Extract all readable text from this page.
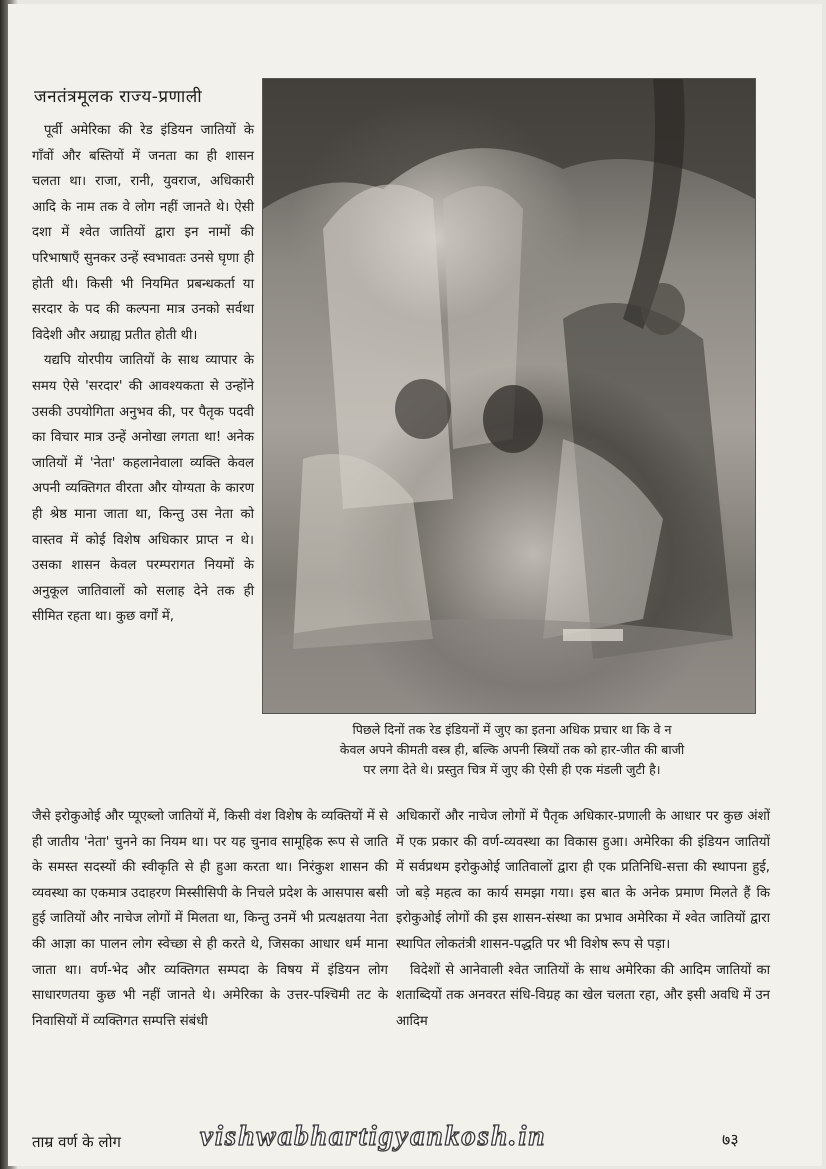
जनतंत्रमूलक राज्य-प्रणाली

पूर्वी अमेरिका की रेड इंडियन जातियों के गाँवों और बस्तियों में जनता का ही शासन चलता था। राजा, रानी, युवराज, अधिकारी आदि के नाम तक वे लोग नहीं जानते थे। ऐसी दशा में श्वेत जातियों द्वारा इन नामों की परिभाषाएँ सुनकर उन्हें स्वभावतः उनसे घृणा ही होती थी। किसी भी नियमित प्रबन्धकर्ता या सरदार के पद की कल्पना मात्र उनको सर्वथा विदेशी और अग्राह्य प्रतीत होती थी।

यद्यपि योरपीय जातियों के साथ व्यापार के समय ऐसे 'सरदार' की आवश्यकता से उन्होंने उसकी उपयोगिता अनुभव की, पर पैतृक पदवी का विचार मात्र उन्हें अनोखा लगता था! अनेक जातियों में 'नेता' कहलानेवाला व्यक्ति केवल अपनी व्यक्तिगत वीरता और योग्यता के कारण ही श्रेष्ठ माना जाता था, किन्तु उस नेता को वास्तव में कोई विशेष अधिकार प्राप्त न थे। उसका शासन केवल परम्परागत नियमों के अनुकूल जातिवालों को सलाह देने तक ही सीमित रहता था। कुछ वर्गों में,

पिछले दिनों तक रेड इंडियनों में जुए का इतना अधिक प्रचार था कि वे न
केवल अपने कीमती वस्त्र ही, बल्कि अपनी स्त्रियों तक को हार-जीत की बाजी
पर लगा देते थे। प्रस्तुत चित्र में जुए की ऐसी ही एक मंडली जुटी है।

जैसे इरोकुओई और प्यूएब्लो जातियों में, किसी वंश विशेष के व्यक्तियों में से ही जातीय 'नेता' चुनने का नियम था। पर यह चुनाव सामूहिक रूप से जाति के समस्त सदस्यों की स्वीकृति से ही हुआ करता था। निरंकुश शासन की व्यवस्था का एकमात्र उदाहरण मिस्सीसिपी के निचले प्रदेश के आसपास बसी हुई जातियों और नाचेज लोगों में मिलता था, किन्तु उनमें भी प्रत्यक्षतया नेता की आज्ञा का पालन लोग स्वेच्छा से ही करते थे, जिसका आधार धर्म माना जाता था। वर्ण-भेद और व्यक्तिगत सम्पदा के विषय में इंडियन लोग साधारणतया कुछ भी नहीं जानते थे। अमेरिका के उत्तर-पश्चिमी तट के निवासियों में व्यक्तिगत सम्पत्ति संबंधी

अधिकारों और नाचेज लोगों में पैतृक अधिकार-प्रणाली के आधार पर कुछ अंशों में एक प्रकार की वर्ण-व्यवस्था का विकास हुआ। अमेरिका की इंडियन जातियों में सर्वप्रथम इरोकुओई जातिवालों द्वारा ही एक प्रतिनिधि-सत्ता की स्थापना हुई, जो बड़े महत्व का कार्य समझा गया। इस बात के अनेक प्रमाण मिलते हैं कि इरोकुओई लोगों की इस शासन-संस्था का प्रभाव अमेरिका में श्वेत जातियों द्वारा स्थापित लोकतंत्री शासन-पद्धति पर भी विशेष रूप से पड़ा।

विदेशों से आनेवाली श्वेत जातियों के साथ अमेरिका की आदिम जातियों का शताब्दियों तक अनवरत संधि-विग्रह का खेल चलता रहा, और इसी अवधि में उन आदिम

ताम्र वर्ण के लोग	vishwabhartigyankosh.in	७३
